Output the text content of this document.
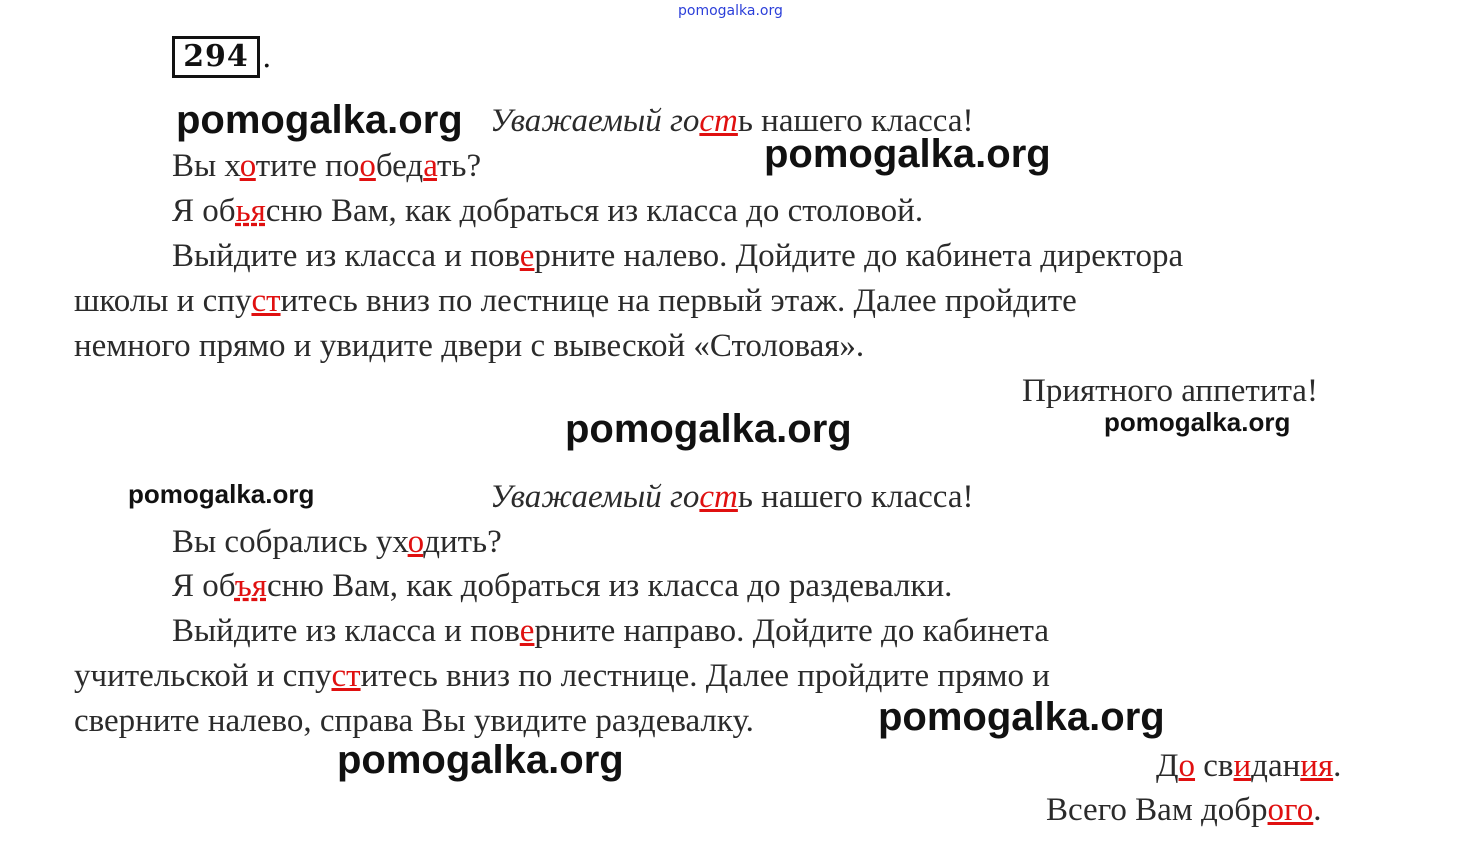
pomogalka.org
294 .
Уважаемый гость нашего класса!
Вы хотите пообедать?
Я обьясню Вам, как добраться из класса до столовой.
Выйдите из класса и поверните налево. Дойдите до кабинета директора
школы и спуститесь вниз по лестнице на первый этаж. Далее пройдите
немного прямо и увидите двери с вывеской «Столовая».
Приятного аппетита!
Уважаемый гость нашего класса!
Вы собрались уходить?
Я объясню Вам, как добраться из класса до раздевалки.
Выйдите из класса и поверните направо. Дойдите до кабинета
учительской и спуститесь вниз по лестнице. Далее пройдите прямо и
сверните налево, справа Вы увидите раздевалку.
До свидания.
Всего Вам доброго.
pomogalka.org
pomogalka.org
pomogalka.org	pomogalka.org
pomogalka.org
pomogalka.org
pomogalka.org
